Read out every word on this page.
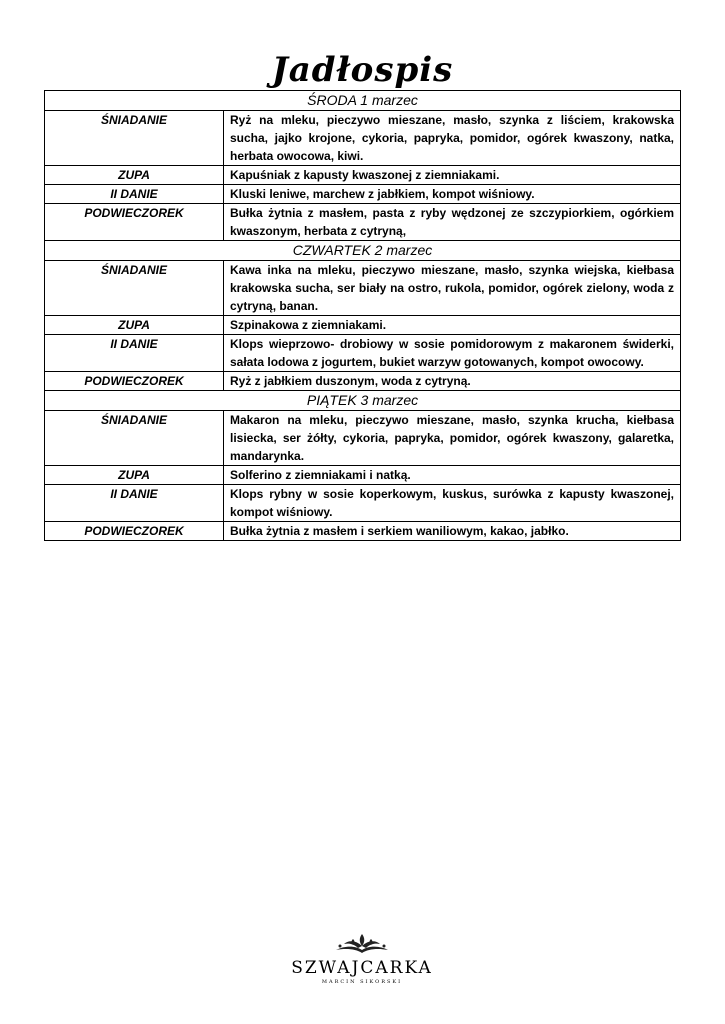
Jadłospis
ŚRODA 1 marzec	
ŚNIADANIE	Ryż na mleku, pieczywo mieszane, masło, szynka z liściem, krakowska sucha, jajko krojone, cykoria, papryka, pomidor, ogórek kwaszony, natka, herbata owocowa, kiwi.
ZUPA	Kapuśniak z kapusty kwaszonej z ziemniakami.
II DANIE	Kluski leniwe, marchew z jabłkiem, kompot wiśniowy.
PODWIECZOREK	Bułka żytnia z masłem, pasta z ryby wędzonej ze szczypiorkiem, ogórkiem kwaszonym, herbata z cytryną,
CZWARTEK 2 marzec	
ŚNIADANIE	Kawa inka na mleku, pieczywo mieszane, masło, szynka wiejska, kiełbasa krakowska sucha, ser biały na ostro, rukola, pomidor, ogórek zielony, woda z cytryną, banan.
ZUPA	Szpinakowa z ziemniakami.
II DANIE	Klops wieprzowo- drobiowy w sosie pomidorowym z makaronem świderki, sałata lodowa z jogurtem, bukiet warzyw gotowanych, kompot owocowy.
PODWIECZOREK	Ryż z jabłkiem duszonym, woda z cytryną.
PIĄTEK 3 marzec	
ŚNIADANIE	Makaron na mleku, pieczywo mieszane, masło, szynka krucha, kiełbasa lisiecka, ser żółty, cykoria, papryka, pomidor, ogórek kwaszony, galaretka, mandarynka.
ZUPA	Solferino z ziemniakami i natką.
II DANIE	Klops rybny w sosie koperkowym, kuskus, surówka z kapusty kwaszonej, kompot wiśniowy.
PODWIECZOREK	Bułka żytnia z masłem i serkiem waniliowym, kakao, jabłko.
SZWAJCARKA
MARCIN SIKORSKI
